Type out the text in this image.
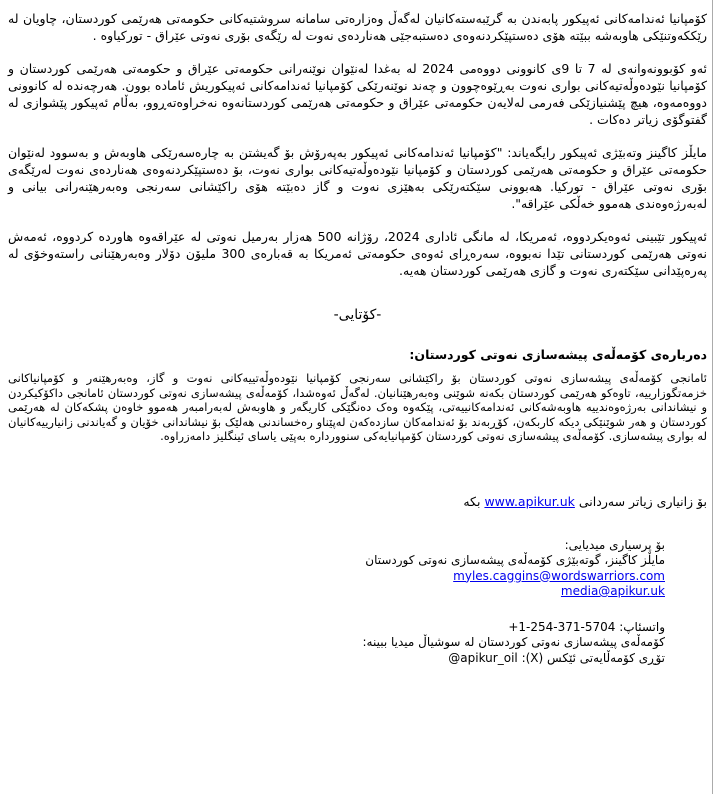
کۆمپانیا ئەندامەکانی ئەپیکور پابەندن بە گرێبەستەکانیان لەگەڵ وەزارەتی سامانە سروشتیەکانی حکومەتی هەرێمی کوردستان، چاویان لە رێککەوتنێکی هاوبەشە ببێتە هۆی دەستپێکردنەوەی دەستبەجێی هەناردەی نەوت لە رێگەی بۆری نەوتی عێراق - تورکیاوە .

ئەو کۆبوونەوانەی لە 7 تا 9ی کانوونی دووەمی 2024 لە بەغدا لەنێوان نوێنەرانی حکومەتی عێراق و حکومەتی هەرێمی کوردستان و کۆمپانیا نێودەوڵەتیەکانی بواری نەوت بەڕێوەچوون و چەند نوێنەرێکی کۆمپانیا ئەندامەکانی ئەپیکوریش ئامادە بوون. هەرچەندە لە کانوونی دووەمەوە، هیچ پێشنیازێکی فەرمی لەلایەن حکومەتی عێراق و حکومەتی هەرێمی کوردستانەوە نەخراوەتەڕوو، بەڵام ئەپیکور پێشوازی لە گفتوگۆی زیاتر دەکات .

مایڵز کاگینز وتەبێژی ئەپیکور رایگەیاند: "کۆمپانیا ئەندامەکانی ئەپیکور بەپەرۆش بۆ گەیشتن بە چارەسەرێکی هاوبەش و بەسوود لەنێوان حکومەتی عێراق و حکومەتی هەرێمی کوردستان و کۆمپانیا نێودەوڵەتیەکانی بواری نەوت، بۆ دەستپێکردنەوەی هەناردەی نەوت لەرێگەی بۆری نەوتی عێراق - تورکیا. هەبوونی سێکتەرێکی بەهێزی نەوت و گاز دەبێتە هۆی راکێشانی سەرنجی وەبەرهێنەرانی بیانی و لەبەرژەوەندی هەموو خەڵکی عێراقە".

ئەپیکور تێبینی ئەوەیکردووە، ئەمریکا، لە مانگی ئاداری 2024، رۆژانە 500 هەزار بەرمیل نەوتی لە عێراقەوە هاوردە کردووە، ئەمەش نەوتی هەرێمی کوردستانی تێدا نەبووە، سەرەڕای ئەوەی حکومەتی ئەمریکا بە قەبارەی 300 ملیۆن دۆلار وەبەرهێنانی راستەوخۆی لە پەرەپێدانی سێکتەری نەوت و گازی هەرێمی کوردستان هەیە.

-کۆتایی-
دەربارەی کۆمەڵەی پیشەسازی نەوتی کوردستان:

ئامانجی کۆمەڵەی پیشەسازی نەوتی کوردستان بۆ راکێشانی سەرنجی کۆمپانیا نێودەوڵەتییەکانی نەوت و گاز، وەبەرهێنەر و کۆمپانیاکانی خزمەتگوزارییە، تاوەکو هەرێمی کوردستان بکەنە شوێنی وەبەرهێنانیان. لەگەڵ ئەوەشدا، کۆمەڵەی پیشەسازی نەوتی کوردستان ئامانجی داکۆکیکردن و نیشاندانی بەرژەوەندییە هاوبەشەکانی ئەندامەکانییەتی، پێکەوە وەک دەنگێکی کاریگەر و هاوبەش لەبەرامبەر هەموو خاوەن پشکەکان لە هەرێمی کوردستان و هەر شوێنێکی دیکە کاربکەن، کۆڕبەند بۆ ئەندامەکان سازدەکەن لەپێناو رەخساندنی هەلێک بۆ نیشاندانی خۆیان و گەیاندنی زانیارییەکانیان لە بواری پیشەسازی. کۆمەڵەی پیشەسازی نەوتی کوردستان کۆمپانیایەکی سنووردارە بەپێی یاسای ئینگلیز دامەزراوە.

بۆ زانیاری زیاتر سەردانی www.apikur.uk بکە
بۆ پرسیاری میدیایی:
مایڵز کاگینز، گوتەبێژی کۆمەڵەی پیشەسازی نەوتی کوردستان
myles.caggins@wordswarriors.com
media@apikur.uk
واتسئاپ: +1-254-371-5704
کۆمەڵەی پیشەسازی نەوتی کوردستان لە سوشیاڵ میدیا ببینە:
تۆڕی کۆمەڵایەتی ئێکس (X): @apikur_oil
